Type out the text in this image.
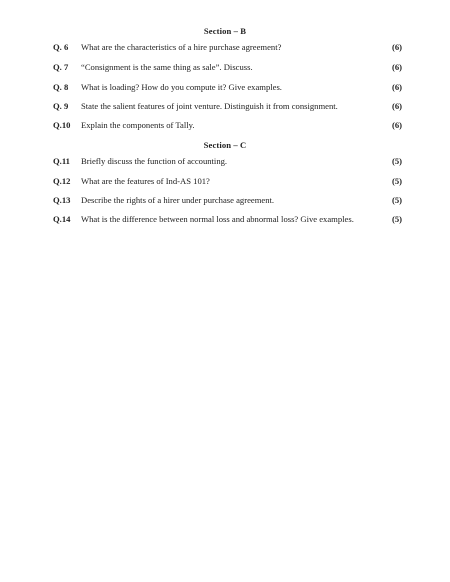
Section – B
Q. 6 What are the characteristics of a hire purchase agreement?	(6)
Q. 7 “Consignment is the same thing as sale”. Discuss.	(6)
Q. 8 What is loading? How do you compute it? Give examples.	(6)
Q. 9 State the salient features of joint venture. Distinguish it from consignment.	(6)
Q.10 Explain the components of Tally.	(6)
Section – C
Q.11 Briefly discuss the function of accounting.	(5)
Q.12 What are the features of Ind-AS 101?	(5)
Q.13 Describe the rights of a hirer under purchase agreement.	(5)
Q.14 What is the difference between normal loss and abnormal loss? Give examples.	(5)
